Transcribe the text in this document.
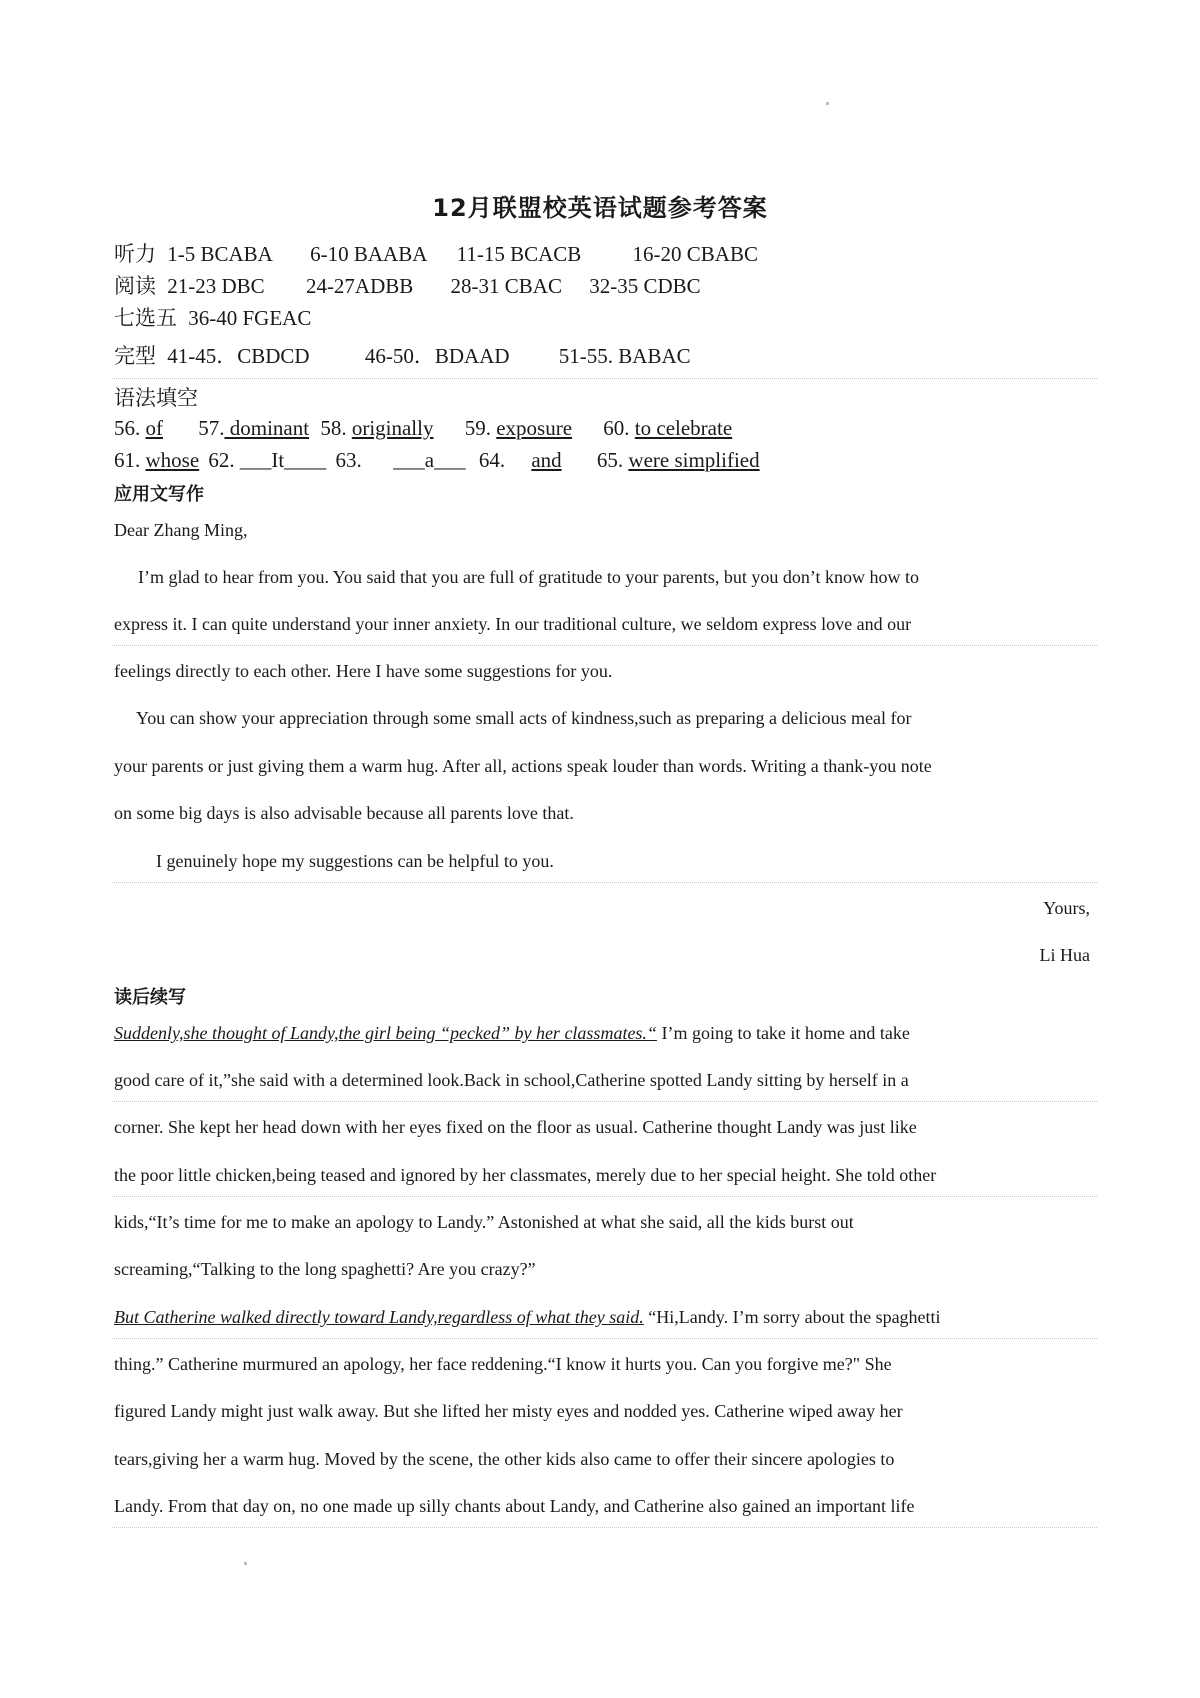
12月联盟校英语试题参考答案
听力 1-5 BCABA 6-10 BAABA 11-15 BCACB 16-20 CBABC
阅读 21-23 DBC 24-27ADBB 28-31 CBAC 32-35 CDBC
七选五 36-40 FGEAC
完型 41-45．CBDCD	46-50．BDAAD 51-55. BABAC
语法填空
56. of 57. dominant 58. originally 59. exposure 60. to celebrate
61. whose 62. ___It____ 63. ___a___ 64. and 65. were simplified
应用文写作
Dear Zhang Ming,
I’m glad to hear from you. You said that you are full of gratitude to your parents, but you don’t know how to
express it. I can quite understand your inner anxiety. In our traditional culture, we seldom express love and our
feelings directly to each other. Here I have some suggestions for you.
You can show your appreciation through some small acts of kindness,such as preparing a delicious meal for
your parents or just giving them a warm hug. After all, actions speak louder than words. Writing a thank-you note
on some big days is also advisable because all parents love that.
I genuinely hope my suggestions can be helpful to you.
Yours,
Li Hua
读后续写
Suddenly,she thought of Landy,the girl being “pecked” by her classmates.“ I’m going to take it home and take
good care of it,”she said with a determined look.Back in school,Catherine spotted Landy sitting by herself in a
corner. She kept her head down with her eyes fixed on the floor as usual. Catherine thought Landy was just like
the poor little chicken,being teased and ignored by her classmates, merely due to her special height. She told other
kids,“It’s time for me to make an apology to Landy.” Astonished at what she said, all the kids burst out
screaming,“Talking to the long spaghetti? Are you crazy?”
But Catherine walked directly toward Landy,regardless of what they said. “Hi,Landy. I’m sorry about the spaghetti
thing.” Catherine murmured an apology, her face reddening.“I know it hurts you. Can you forgive me?" She
figured Landy might just walk away. But she lifted her misty eyes and nodded yes. Catherine wiped away her
tears,giving her a warm hug. Moved by the scene, the other kids also came to offer their sincere apologies to
Landy. From that day on, no one made up silly chants about Landy, and Catherine also gained an important life
